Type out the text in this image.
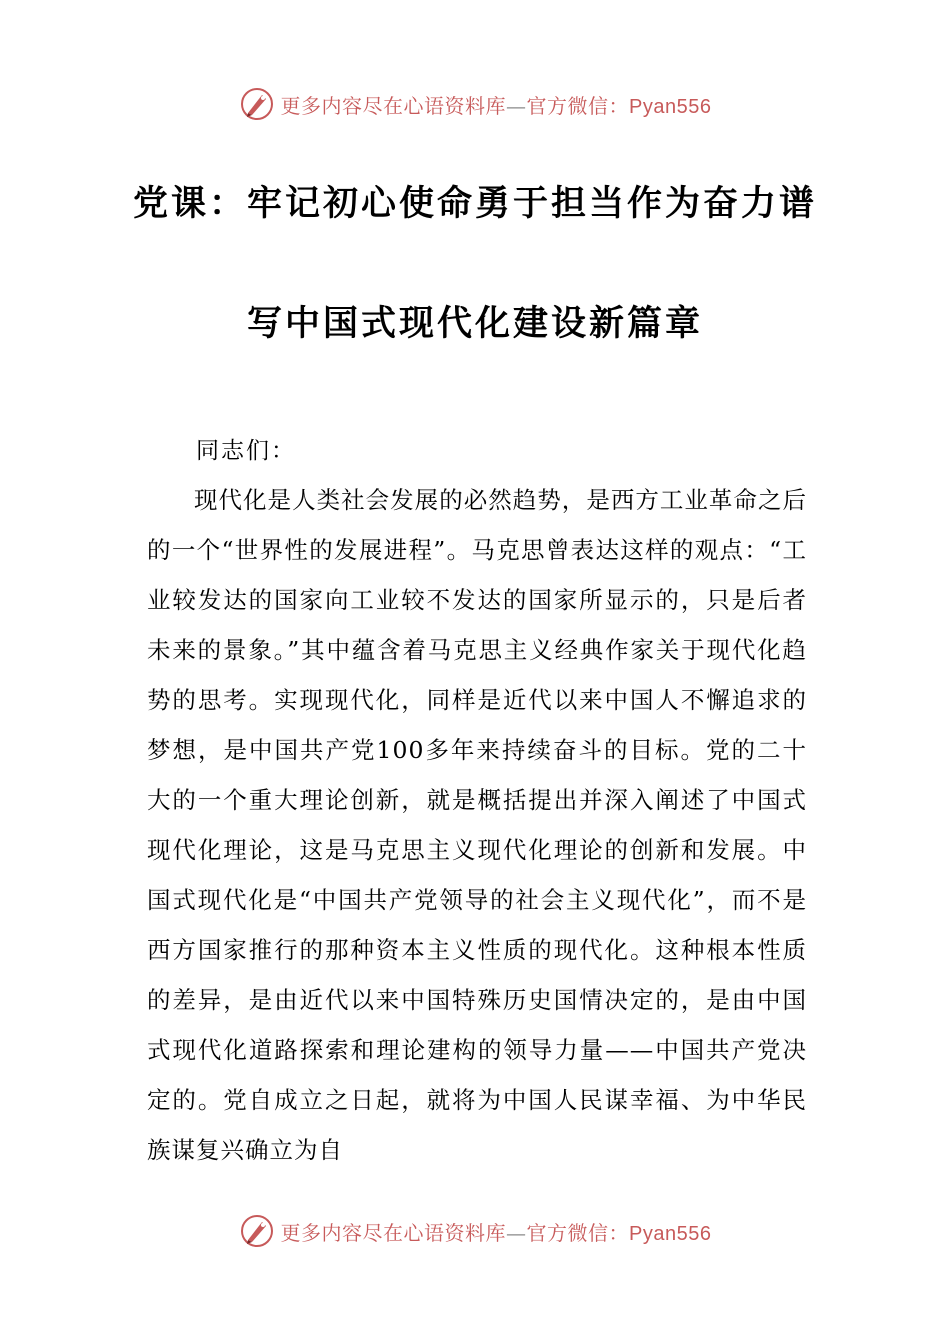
更多内容尽在心语资料库—官方微信：Pyan556
党课：牢记初心使命勇于担当作为奋力谱
写中国式现代化建设新篇章
同志们：

现代化是人类社会发展的必然趋势，是西方工业革命之后的一个“世界性的发展进程”。马克思曾表达这样的观点：“工业较发达的国家向工业较不发达的国家所显示的，只是后者未来的景象。”其中蕴含着马克思主义经典作家关于现代化趋势的思考。实现现代化，同样是近代以来中国人不懈追求的梦想，是中国共产党100多年来持续奋斗的目标。党的二十大的一个重大理论创新，就是概括提出并深入阐述了中国式现代化理论，这是马克思主义现代化理论的创新和发展。中国式现代化是“中国共产党领导的社会主义现代化”，而不是西方国家推行的那种资本主义性质的现代化。这种根本性质的差异，是由近代以来中国特殊历史国情决定的，是由中国式现代化道路探索和理论建构的领导力量——中国共产党决定的。党自成立之日起，就将为中国人民谋幸福、为中华民族谋复兴确立为自

更多内容尽在心语资料库—官方微信：Pyan556
